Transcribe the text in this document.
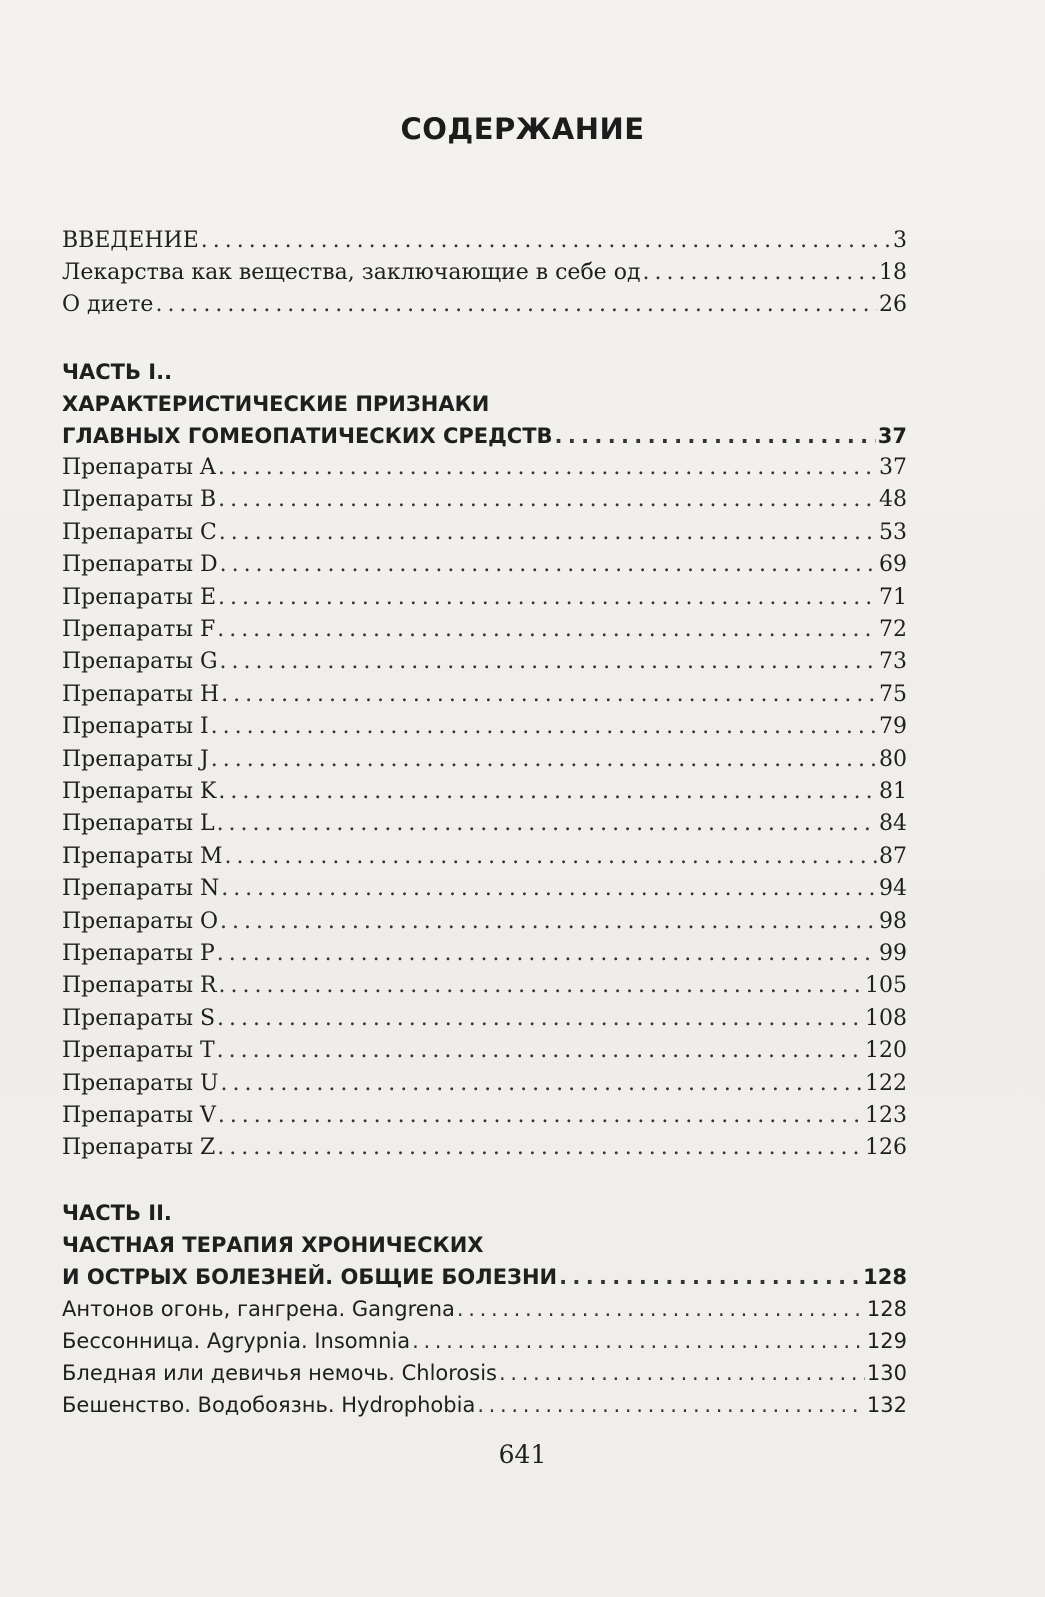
СОДЕРЖАНИЕ
ВВЕДЕНИЕ . . .	3
Лекарства как вещества, заключающие в себе од . . .	18
О диете . . .	26
ЧАСТЬ I..
ХАРАКТЕРИСТИЧЕСКИЕ ПРИЗНАКИ
ГЛАВНЫХ ГОМЕОПАТИЧЕСКИХ СРЕДСТВ . . .	37
Препараты A . . .	37
Препараты B . . .	48
Препараты C . . .	53
Препараты D . . .	69
Препараты E . . .	71
Препараты F . . .	72
Препараты G . . .	73
Препараты H . . .	75
Препараты I . . .	79
Препараты J . . .	80
Препараты K . . .	81
Препараты L . . .	84
Препараты M . . .	87
Препараты N . . .	94
Препараты O . . .	98
Препараты P . . .	99
Препараты R . . .	105
Препараты S . . .	108
Препараты T . . .	120
Препараты U . . .	122
Препараты V . . .	123
Препараты Z . . .	126
ЧАСТЬ II.
ЧАСТНАЯ ТЕРАПИЯ ХРОНИЧЕСКИХ
И ОСТРЫХ БОЛЕЗНЕЙ. ОБЩИЕ БОЛЕЗНИ . . .	128
Антонов огонь, гангрена. Gangrena . . .	128
Бессонница. Agrypnia. Insomnia . . .	129
Бледная или девичья немочь. Chlorosis . . .	130
Бешенство. Водобоязнь. Hydrophobia . . .	132
641
